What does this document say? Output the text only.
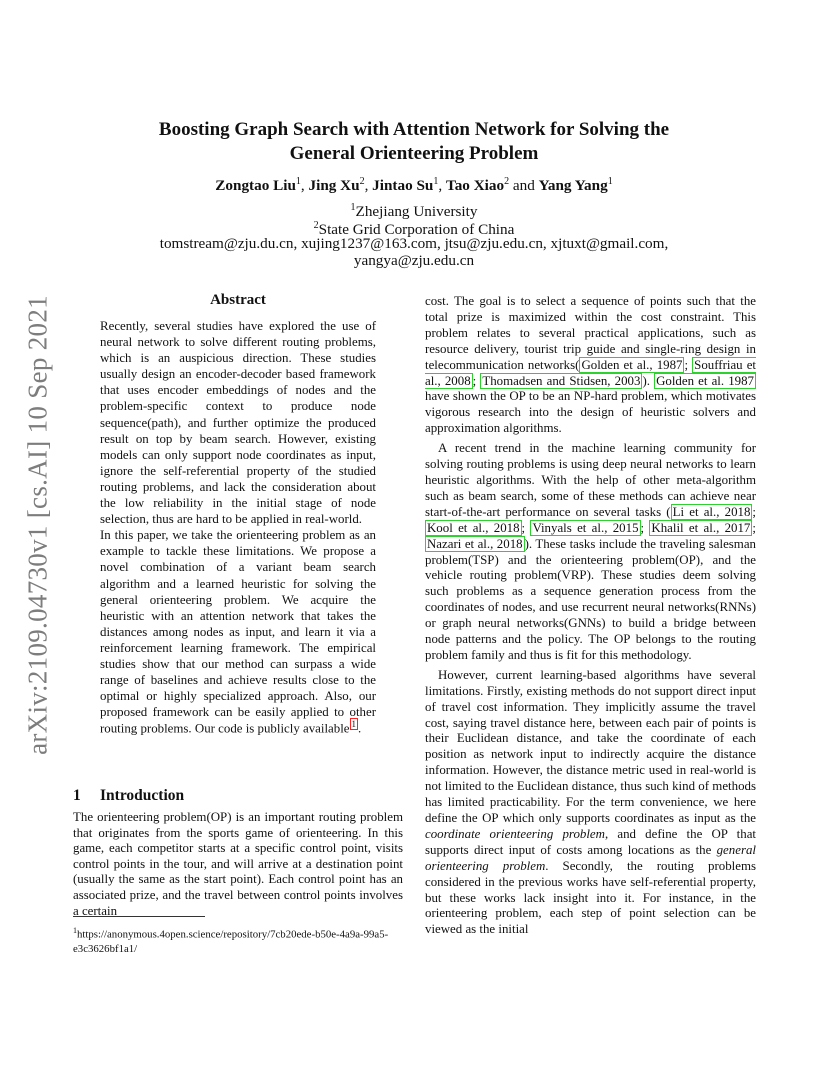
arXiv:2109.04730v1 [cs.AI] 10 Sep 2021
Boosting Graph Search with Attention Network for Solving the
General Orienteering Problem
Zongtao Liu$^1$, Jing Xu$^2$, Jintao Su$^1$, Tao Xiao$^2$ and Yang Yang$^1$
$^1$Zhejiang University
$^2$State Grid Corporation of China
tomstream@zju.du.cn, xujing1237@163.com, jtsu@zju.edu.cn, xjtuxt@gmail.com,
yangya@zju.edu.cn
Abstract

Recently, several studies have explored the use of neural network to solve different routing problems, which is an auspicious direction. These studies usually design an encoder-decoder based framework that uses encoder embeddings of nodes and the problem-specific context to produce node sequence(path), and further optimize the produced result on top by beam search. However, existing models can only support node coordinates as input, ignore the self-referential property of the studied routing problems, and lack the consideration about the low reliability in the initial stage of node selection, thus are hard to be applied in real-world.

In this paper, we take the orienteering problem as an example to tackle these limitations. We propose a novel combination of a variant beam search algorithm and a learned heuristic for solving the general orienteering problem. We acquire the heuristic with an attention network that takes the distances among nodes as input, and learn it via a reinforcement learning framework. The empirical studies show that our method can surpass a wide range of baselines and achieve results close to the optimal or highly specialized approach. Also, our proposed framework can be easily applied to other routing problems. Our code is publicly available $^1$ .

1 Introduction

The orienteering problem(OP) is an important routing problem that originates from the sports game of orienteering. In this game, each competitor starts at a specific control point, visits control points in the tour, and will arrive at a destination point (usually the same as the start point). Each control point has an associated prize, and the travel between control points involves a certain

$^1$https://anonymous.4open.science/repository/7cb20ede-b50e-4a9a-99a5-e3c3626bf1a1/

cost. The goal is to select a sequence of points such that the total prize is maximized within the cost constraint. This problem relates to several practical applications, such as resource delivery, tourist trip guide and single-ring design in telecommunication networks( Golden et al., 1987 ; Souffriau et al., 2008 ; Thomadsen and Stidsen, 2003 ). Golden et al. 1987 have shown the OP to be an NP-hard problem, which motivates vigorous research into the design of heuristic solvers and approximation algorithms.

A recent trend in the machine learning community for solving routing problems is using deep neural networks to learn heuristic algorithms. With the help of other meta-algorithm such as beam search, some of these methods can achieve near start-of-the-art performance on several tasks ( Li et al., 2018 ; Kool et al., 2018 ; Vinyals et al., 2015 ; Khalil et al., 2017 ; Nazari et al., 2018 ). These tasks include the traveling salesman problem(TSP) and the orienteering problem(OP), and the vehicle routing problem(VRP). These studies deem solving such problems as a sequence generation process from the coordinates of nodes, and use recurrent neural networks(RNNs) or graph neural networks(GNNs) to build a bridge between node patterns and the policy. The OP belongs to the routing problem family and thus is fit for this methodology.

However, current learning-based algorithms have several limitations. Firstly, existing methods do not support direct input of travel cost information. They implicitly assume the travel cost, saying travel distance here, between each pair of points is their Euclidean distance, and take the coordinate of each position as network input to indirectly acquire the distance information. However, the distance metric used in real-world is not limited to the Euclidean distance, thus such kind of methods has limited practicability. For the term convenience, we here define the OP which only supports coordinates as input as the coordinate orienteering problem, and define the OP that supports direct input of costs among locations as the general orienteering problem. Secondly, the routing problems considered in the previous works have self-referential property, but these works lack insight into it. For instance, in the orienteering problem, each step of point selection can be viewed as the initial
